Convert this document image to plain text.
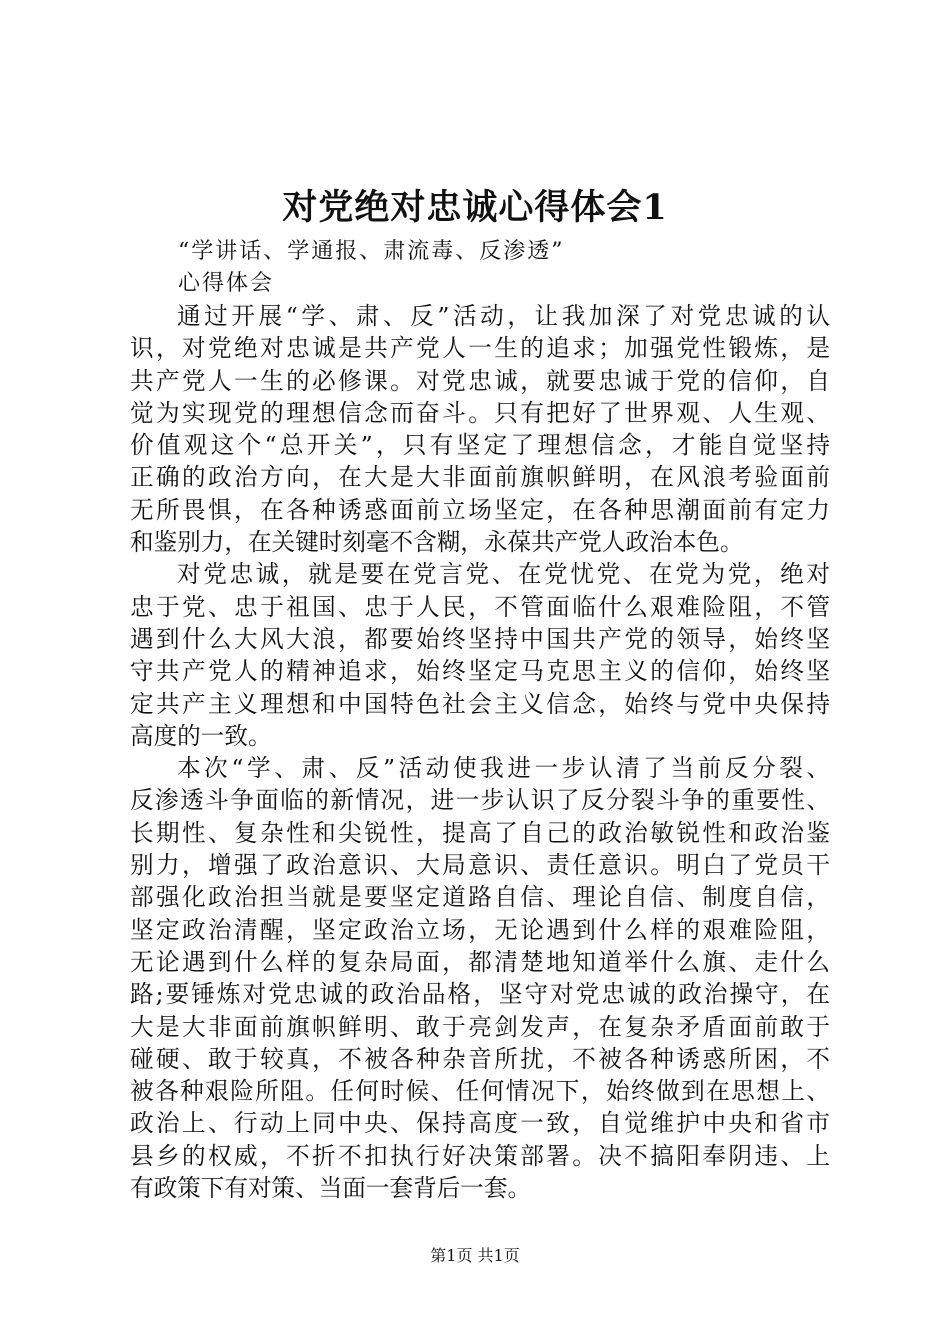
对党绝对忠诚心得体会1
“学讲话、学通报、肃流毒、反渗透”
心得体会
通过开展“学、肃、反”活动，让我加深了对党忠诚的认
识，对党绝对忠诚是共产党人一生的追求；加强党性锻炼，是
共产党人一生的必修课。对党忠诚，就要忠诚于党的信仰，自
觉为实现党的理想信念而奋斗。只有把好了世界观、人生观、
价值观这个“总开关”，只有坚定了理想信念，才能自觉坚持
正确的政治方向，在大是大非面前旗帜鲜明，在风浪考验面前
无所畏惧，在各种诱惑面前立场坚定，在各种思潮面前有定力
和鉴别力，在关键时刻毫不含糊，永葆共产党人政治本色。
对党忠诚，就是要在党言党、在党忧党、在党为党，绝对
忠于党、忠于祖国、忠于人民，不管面临什么艰难险阻，不管
遇到什么大风大浪，都要始终坚持中国共产党的领导，始终坚
守共产党人的精神追求，始终坚定马克思主义的信仰，始终坚
定共产主义理想和中国特色社会主义信念，始终与党中央保持
高度的一致。
本次“学、肃、反”活动使我进一步认清了当前反分裂、
反渗透斗争面临的新情况，进一步认识了反分裂斗争的重要性、
长期性、复杂性和尖锐性，提高了自己的政治敏锐性和政治鉴
别力，增强了政治意识、大局意识、责任意识。明白了党员干
部强化政治担当就是要坚定道路自信、理论自信、制度自信，
坚定政治清醒，坚定政治立场，无论遇到什么样的艰难险阻，
无论遇到什么样的复杂局面，都清楚地知道举什么旗、走什么
路;要锤炼对党忠诚的政治品格，坚守对党忠诚的政治操守，在
大是大非面前旗帜鲜明、敢于亮剑发声，在复杂矛盾面前敢于
碰硬、敢于较真，不被各种杂音所扰，不被各种诱惑所困，不
被各种艰险所阻。任何时候、任何情况下，始终做到在思想上、
政治上、行动上同中央、保持高度一致，自觉维护中央和省市
县乡的权威，不折不扣执行好决策部署。决不搞阳奉阴违、上
有政策下有对策、当面一套背后一套。
第1页 共1页
